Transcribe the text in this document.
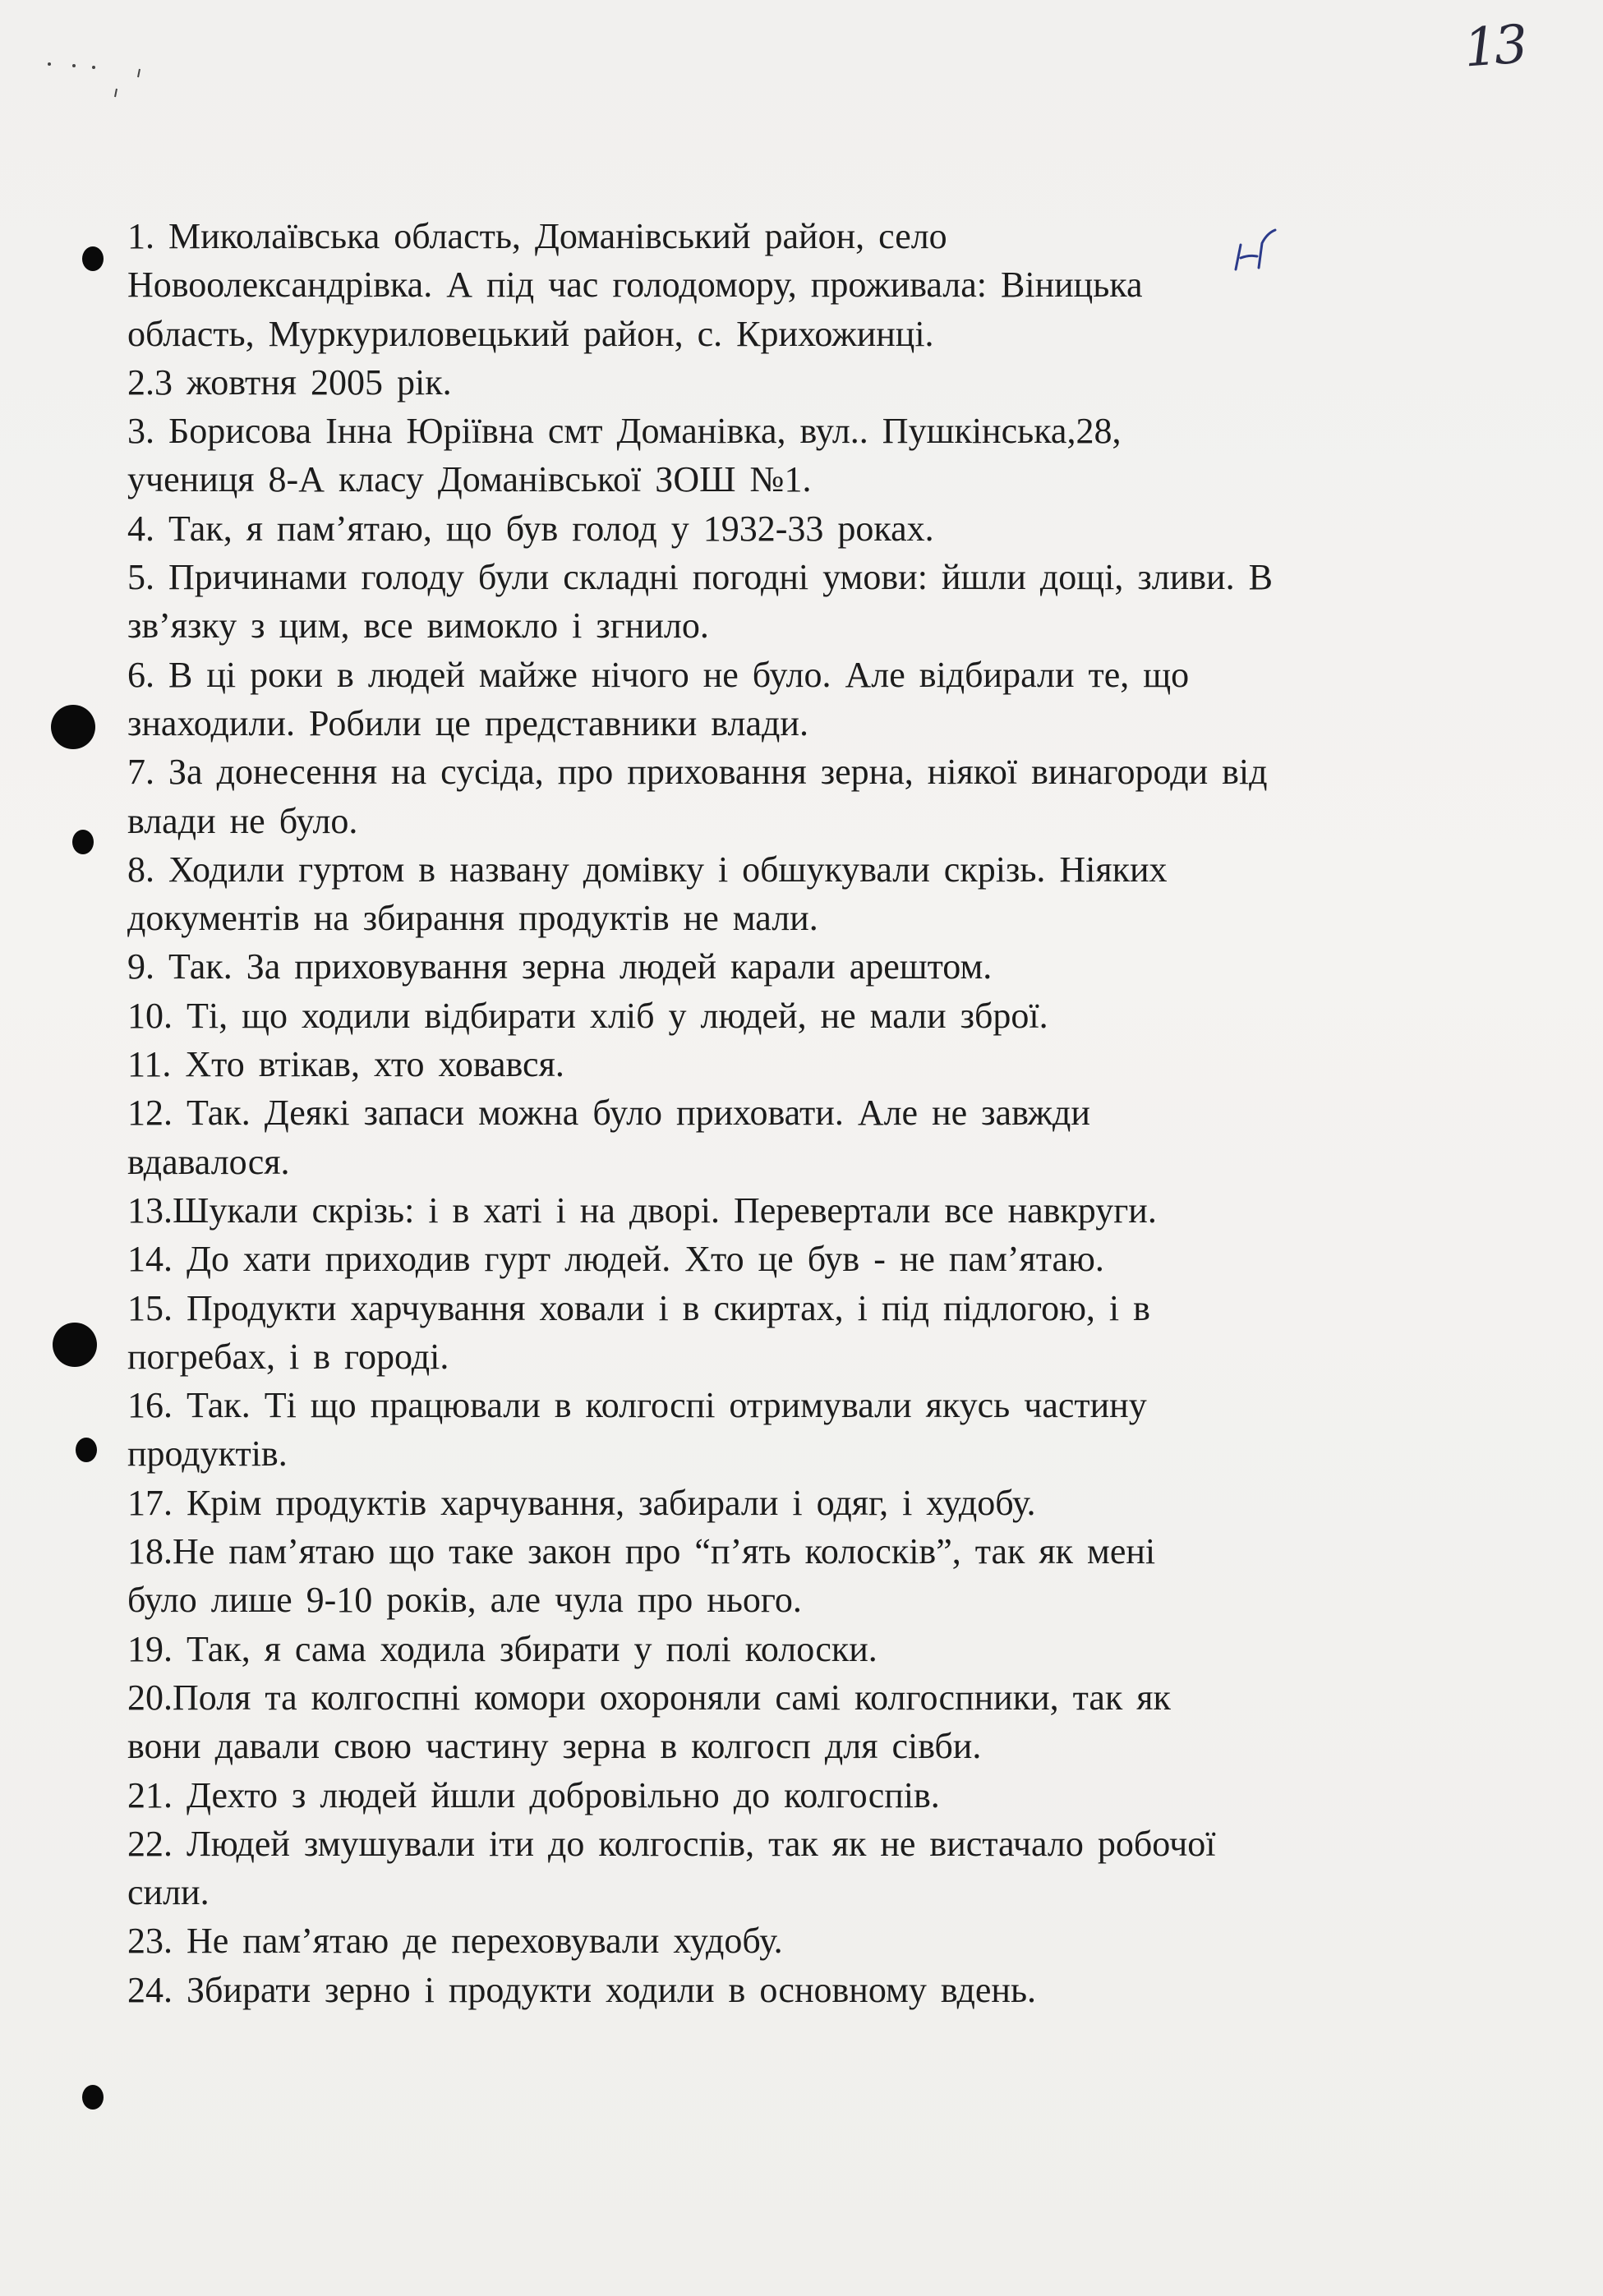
13
1. Миколаївська область, Доманівський район, село
Новоолександрівка. А під час голодомору, проживала: Віницька
область, Муркуриловецький район, с. Крихожинці.
2.3 жовтня 2005 рік.
3. Борисова Інна Юріївна смт Доманівка, вул.. Пушкінська,28,
учениця 8-А класу Доманівської ЗОШ №1.
4. Так, я пам’ятаю, що був голод у 1932-33 роках.
5. Причинами голоду були складні погодні умови: йшли дощі, зливи. В
зв’язку з цим, все вимокло і згнило.
6. В ці роки в людей майже нічого не було. Але відбирали те, що
знаходили. Робили це представники влади.
7. За донесення на сусіда, про приховання зерна, ніякої винагороди від
влади не було.
8. Ходили гуртом в названу домівку і обшукували скрізь. Ніяких
документів на збирання продуктів не мали.
9. Так. За приховування зерна людей карали арештом.
10. Ті, що ходили відбирати хліб у людей, не мали зброї.
11. Хто втікав, хто ховався.
12. Так. Деякі запаси можна було приховати. Але не завжди
вдавалося.
13.Шукали скрізь: і в хаті і на дворі. Перевертали все навкруги.
14. До хати приходив гурт людей. Хто це був - не пам’ятаю.
15. Продукти харчування ховали і в скиртах, і під підлогою, і в
погребах, і в городі.
16. Так. Ті що працювали в колгоспі отримували якусь частину
продуктів.
17. Крім продуктів харчування, забирали і одяг, і худобу.
18.Не пам’ятаю що таке закон про “п’ять колосків”, так як мені
було лише 9-10 років, але чула про нього.
19. Так, я сама ходила збирати у полі колоски.
20.Поля та колгоспні комори охороняли самі колгоспники, так як
вони давали свою частину зерна в колгосп для сівби.
21. Дехто з людей йшли добровільно до колгоспів.
22. Людей змушували іти до колгоспів, так як не вистачало робочої
сили.
23. Не пам’ятаю де переховували худобу.
24. Збирати зерно і продукти ходили в основному вдень.
